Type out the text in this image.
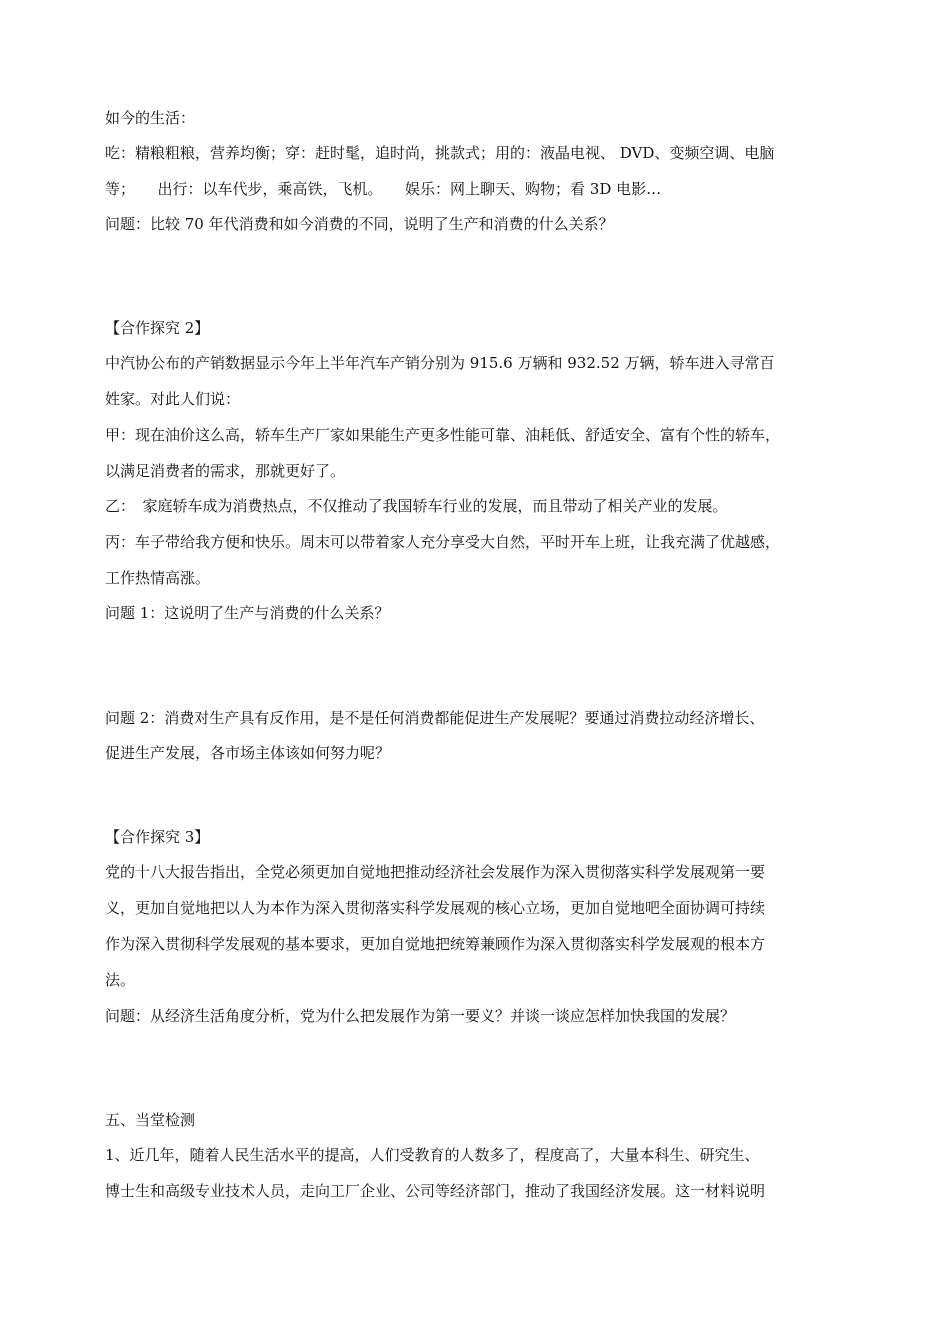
如今的生活：
吃：精粮粗粮，营养均衡；穿：赶时髦，追时尚，挑款式；用的：液晶电视、 DVD、变频空调、电脑
等；　　出行：以车代步，乘高铁，飞机。　　娱乐：网上聊天、购物；看 3D 电影…
问题：比较 70 年代消费和如今消费的不同，说明了生产和消费的什么关系？
【合作探究 2】
中汽协公布的产销数据显示今年上半年汽车产销分别为 915.6 万辆和 932.52 万辆，轿车进入寻常百
姓家。对此人们说：
甲：现在油价这么高，轿车生产厂家如果能生产更多性能可靠、油耗低、舒适安全、富有个性的轿车，
以满足消费者的需求，那就更好了。
乙：　家庭轿车成为消费热点，不仅推动了我国轿车行业的发展，而且带动了相关产业的发展。
丙：车子带给我方便和快乐。周末可以带着家人充分享受大自然，平时开车上班，让我充满了优越感，
工作热情高涨。
问题 1：这说明了生产与消费的什么关系？
问题 2：消费对生产具有反作用，是不是任何消费都能促进生产发展呢？要通过消费拉动经济增长、
促进生产发展，各市场主体该如何努力呢？
【合作探究 3】
党的十八大报告指出，全党必须更加自觉地把推动经济社会发展作为深入贯彻落实科学发展观第一要
义，更加自觉地把以人为本作为深入贯彻落实科学发展观的核心立场，更加自觉地吧全面协调可持续
作为深入贯彻科学发展观的基本要求，更加自觉地把统筹兼顾作为深入贯彻落实科学发展观的根本方
法。
问题：从经济生活角度分析，党为什么把发展作为第一要义？并谈一谈应怎样加快我国的发展？
五、当堂检测
1、近几年，随着人民生活水平的提高，人们受教育的人数多了，程度高了，大量本科生、研究生、
博士生和高级专业技术人员，走向工厂企业、公司等经济部门，推动了我国经济发展。这一材料说明
